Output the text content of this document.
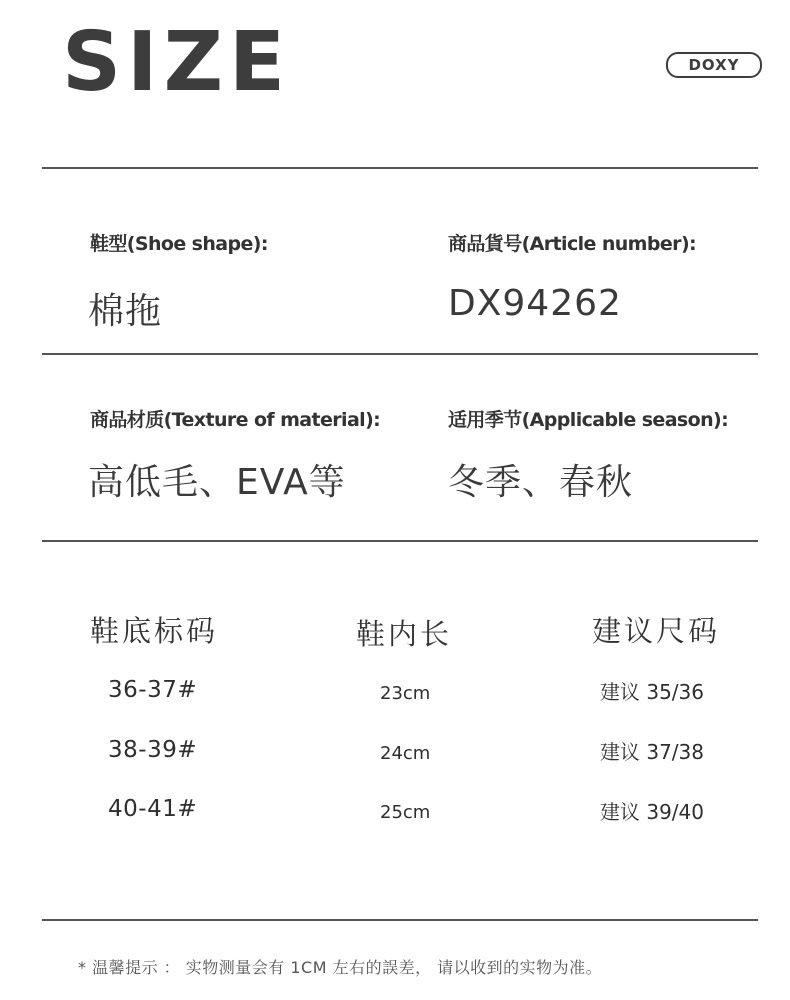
SIZE	DOXY
鞋型(Shoe shape):
棉拖
商品貨号(Article number):
DX94262
商品材质(Texture of material):
高低毛、EVA等
适用季节(Applicable season):
冬季、春秋
鞋底标码	鞋内长	建议尺码
36-37#	23cm	建议 35/36
38-39#	24cm	建议 37/38
40-41#	25cm	建议 39/40
* 温馨提示 ： 实物测量会有 1CM 左右的誤差， 请以收到的实物为准。
